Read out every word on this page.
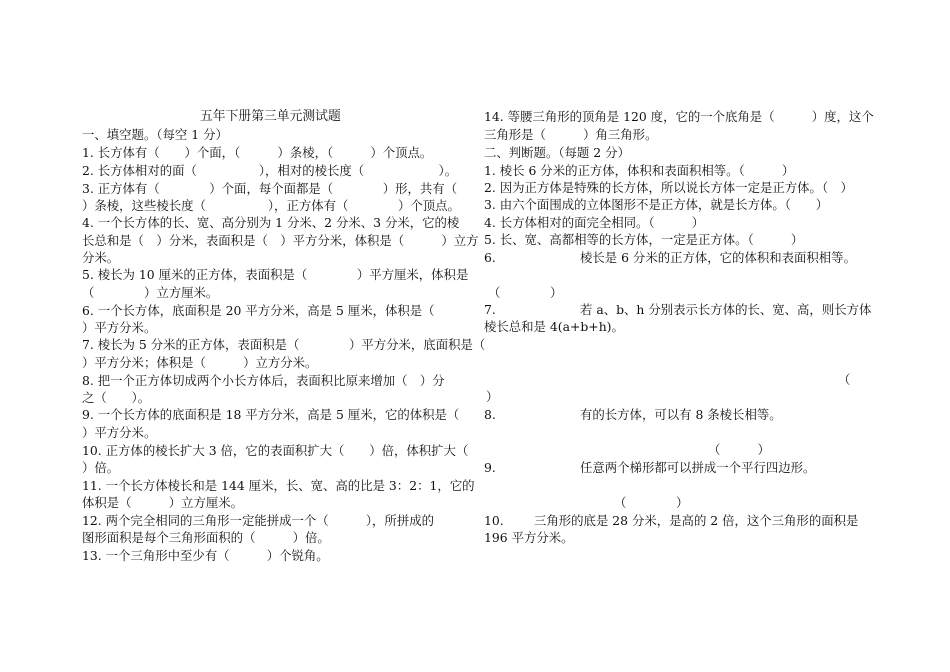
五年下册第三单元测试题

一、填空题。（每空 1 分）

1. 长方体有（　　）个面，（　　　）条棱，（　　　）个顶点。

2. 长方体相对的面（　　　　　），相对的棱长度（　　　　　　）。

3. 正方体有（　　　　）个面，每个面都是（　　　　）形，共有（

）条棱，这些棱长度（　　　　　），正方体有（　　　　）个顶点。

4. 一个长方体的长、宽、高分别为 1 分米、2 分米、3 分米，它的棱

长总和是（　）分米，表面积是（　）平方分米，体积是（　　　）立方

分米。

5. 棱长为 10 厘米的正方体，表面积是（　　　　）平方厘米，体积是

（　　　　）立方厘米。

6. 一个长方体，底面积是 20 平方分米，高是 5 厘米，体积是（

）平方分米。

7. 棱长为 5 分米的正方体，表面积是（　　　　）平方分米，底面积是（

）平方分米；体积是（　　　）立方分米。

8. 把一个正方体切成两个小长方体后，表面积比原来增加（　）分

之（　　）。

9. 一个长方体的底面积是 18 平方分米，高是 5 厘米，它的体积是（

）平方分米。

10. 正方体的棱长扩大 3 倍，它的表面积扩大（　　）倍，体积扩大（

）倍。

11. 一个长方体棱长和是 144 厘米，长、宽、高的比是 3：2：1，它的

体积是（　　　）立方厘米。

12. 两个完全相同的三角形一定能拼成一个（　　　），所拼成的

图形面积是每个三角形面积的（　　　）倍。

13. 一个三角形中至少有（　　　）个锐角。

14. 等腰三角形的顶角是 120 度，它的一个底角是（　　　）度，这个

三角形是（　　　）角三角形。

二、判断题。（每题 2 分）

1. 棱长 6 分米的正方体，体积和表面积相等。（　　　）

2. 因为正方体是特殊的长方体，所以说长方体一定是正方体。（　）

3. 由六个面围成的立体图形不是正方体，就是长方体。（　　）

4. 长方体相对的面完全相同。（　　　）

5. 长、宽、高都相等的长方体，一定是正方体。（　　　）

6.	棱长是 6 分米的正方体，它的体积和表面积相等。

（　　　　）

7.	若 a、b、h 分别表示长方体的长、宽、高，则长方体

棱长总和是 4(a+b+h)。

（

）

8.	有的长方体，可以有 8 条棱长相等。

（　　　）

9.	任意两个梯形都可以拼成一个平行四边形。

（　　　　）

10. 三角形的底是 28 分米，是高的 2 倍，这个三角形的面积是

196 平方分米。
